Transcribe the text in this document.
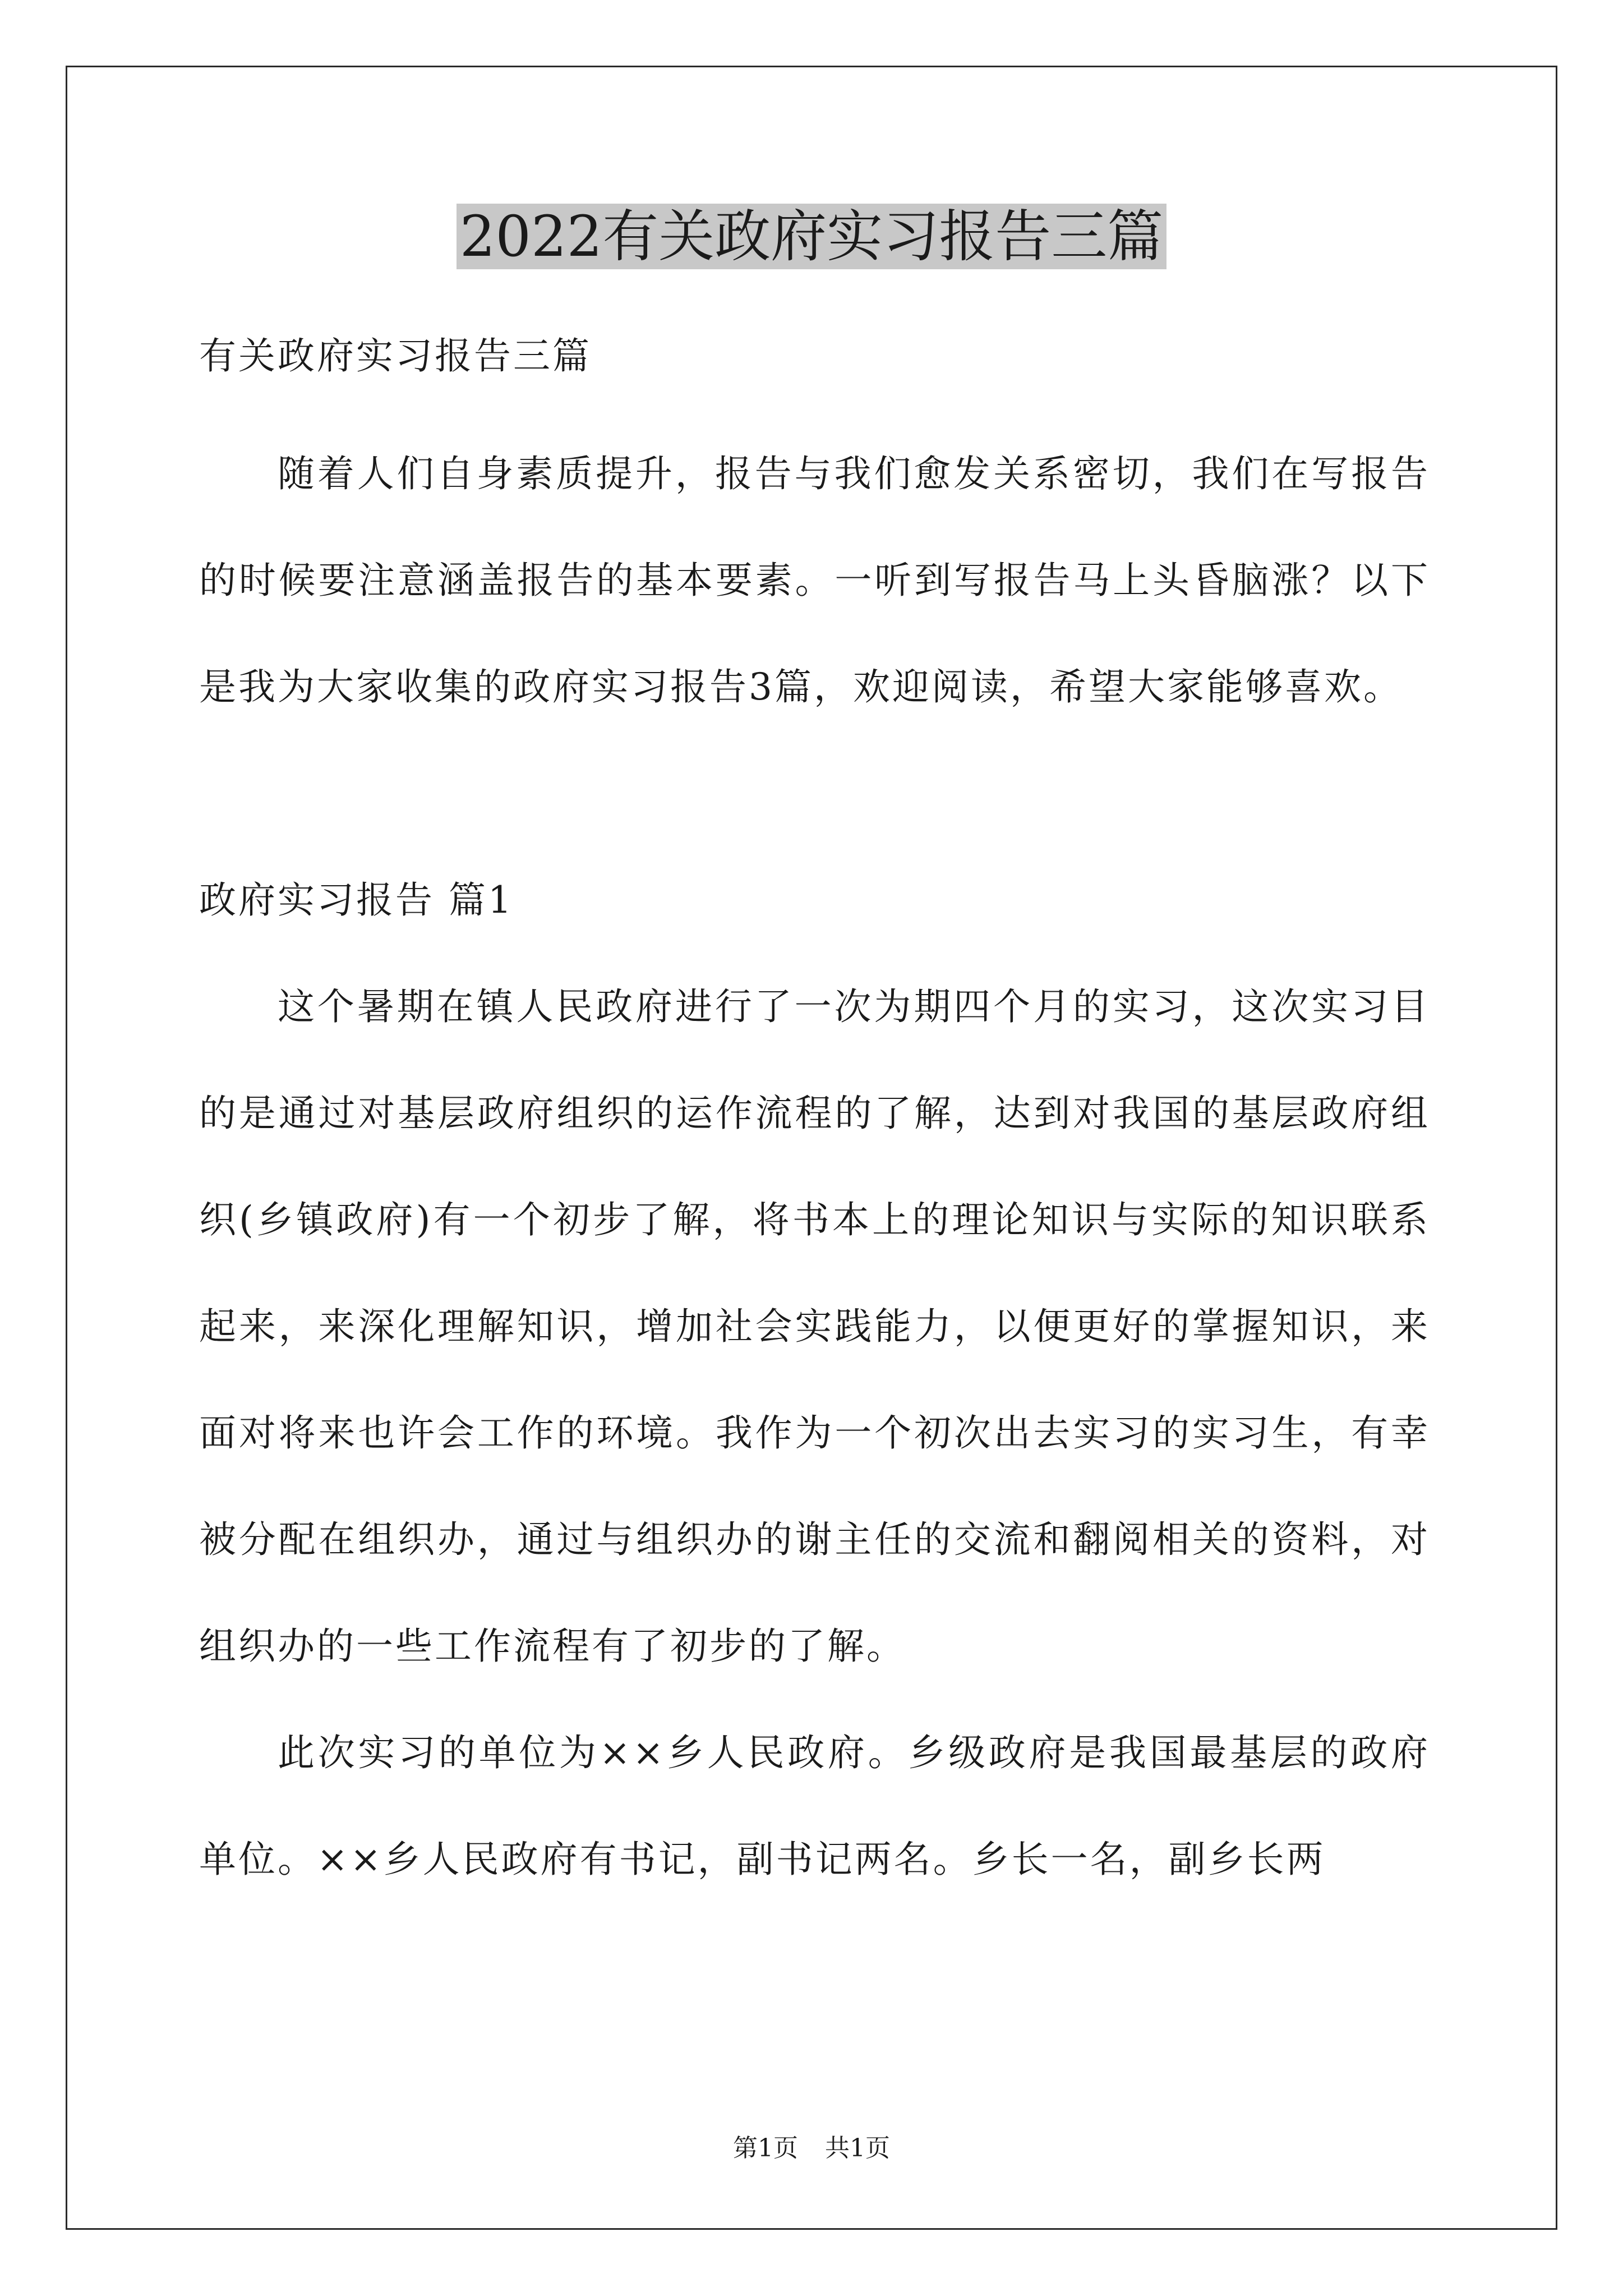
2022有关政府实习报告三篇

有关政府实习报告三篇

随着人们自身素质提升，报告与我们愈发关系密切，我们在写报告的时候要注意涵盖报告的基本要素。一听到写报告马上头昏脑涨？以下是我为大家收集的政府实习报告3篇，欢迎阅读，希望大家能够喜欢。

政府实习报告 篇1

这个暑期在镇人民政府进行了一次为期四个月的实习，这次实习目的是通过对基层政府组织的运作流程的了解，达到对我国的基层政府组织(乡镇政府)有一个初步了解，将书本上的理论知识与实际的知识联系起来，来深化理解知识，增加社会实践能力，以便更好的掌握知识，来面对将来也许会工作的环境。我作为一个初次出去实习的实习生，有幸被分配在组织办，通过与组织办的谢主任的交流和翻阅相关的资料，对组织办的一些工作流程有了初步的了解。

此次实习的单位为××乡人民政府。乡级政府是我国最基层的政府单位。××乡人民政府有书记，副书记两名。乡长一名，副乡长两

第1页 共1页
